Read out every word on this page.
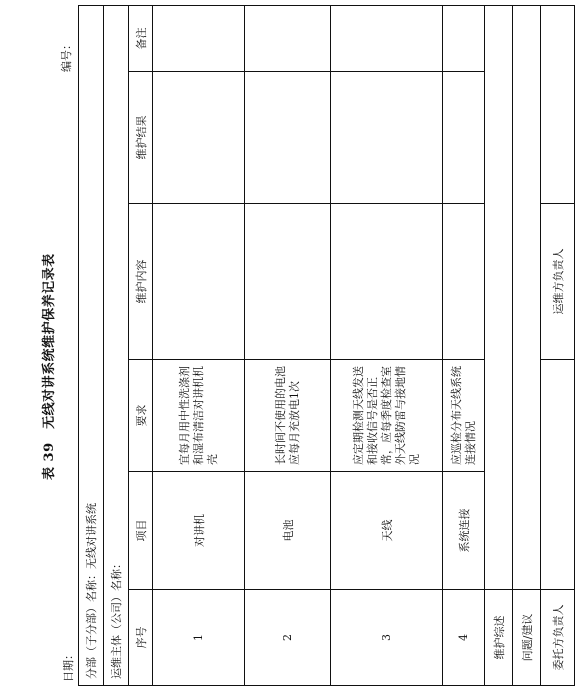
表 39　无线对讲系统维护保养记录表
编号：
日期： 分部（子分部）名称：无线对讲系统					
运维主体（公司）名称：					
序号	项目	要求	维护内容	维护结果	备注
1	对讲机	宜每月用中性洗涤剂和湿布清洁对讲机机壳			
2	电池	长时间不使用的电池应每月充放电1次			
3	天线	应定期检测天线发送和接收信号是否正常，应每季度检查室外天线防雷与接地情况			
4	系统连接	应巡检分布天线系统连接情况			
维护综述					
问题/建议					
委托方负责人			运维方负责人		
